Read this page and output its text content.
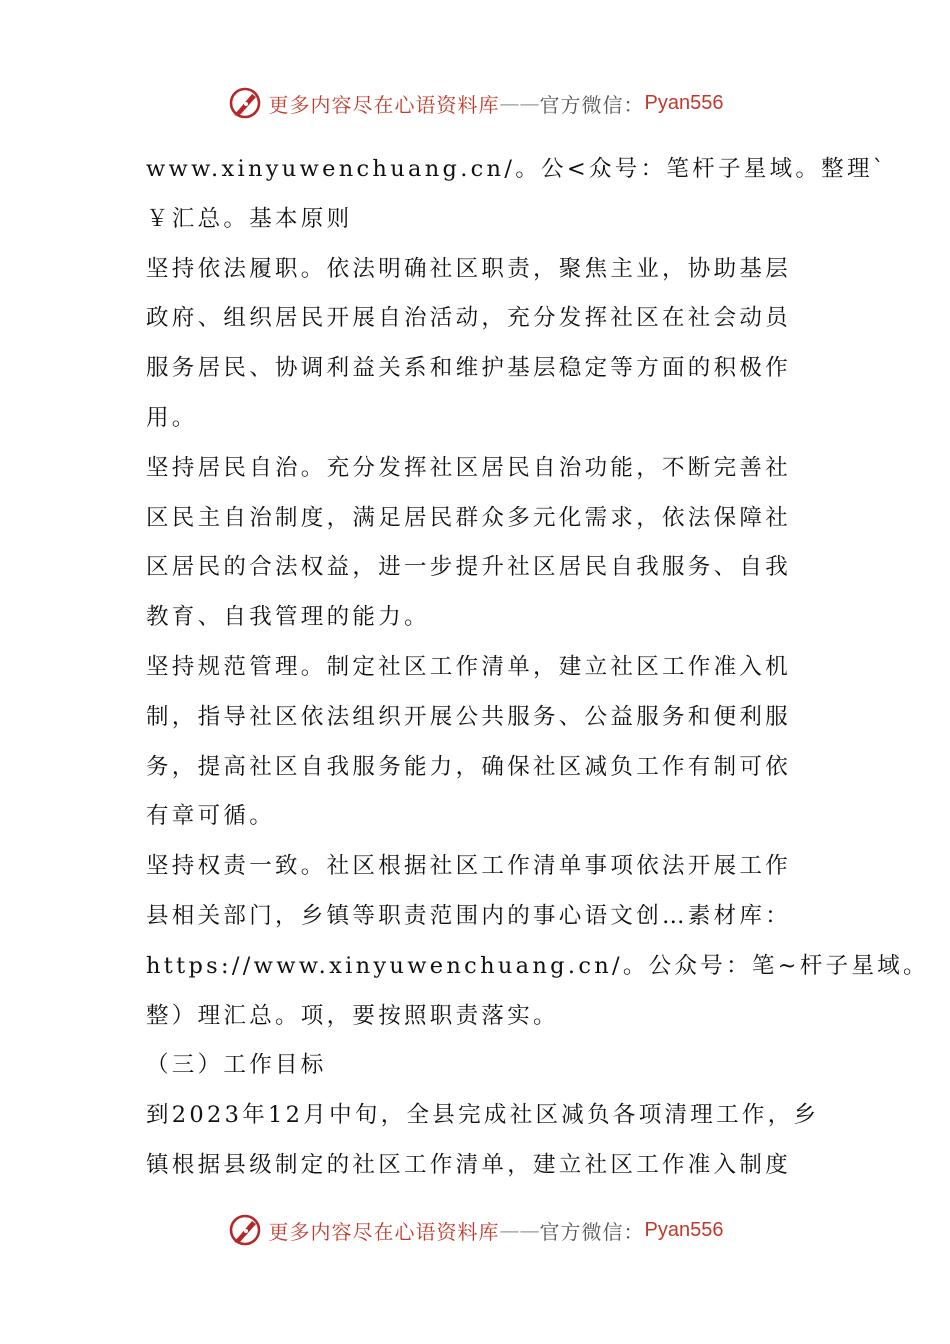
更多内容尽在心语资料库 —— 官方微信： Pyan556
www.xinyuwenchuang.cn/。公<众号：笔杆子星域。整理`
￥汇总。基本原则
坚持依法履职。依法明确社区职责，聚焦主业，协助基层
政府、组织居民开展自治活动，充分发挥社区在社会动员
服务居民、协调利益关系和维护基层稳定等方面的积极作
用。
坚持居民自治。充分发挥社区居民自治功能，不断完善社
区民主自治制度，满足居民群众多元化需求，依法保障社
区居民的合法权益，进一步提升社区居民自我服务、自我
教育、自我管理的能力。
坚持规范管理。制定社区工作清单，建立社区工作准入机
制，指导社区依法组织开展公共服务、公益服务和便利服
务，提高社区自我服务能力，确保社区减负工作有制可依
有章可循。
坚持权责一致。社区根据社区工作清单事项依法开展工作
县相关部门，乡镇等职责范围内的事心语文创…素材库：
https://www.xinyuwenchuang.cn/。公众号：笔~杆子星域。
整）理汇总。项，要按照职责落实。
（三）工作目标
到2023年12月中旬，全县完成社区减负各项清理工作，乡
镇根据县级制定的社区工作清单，建立社区工作准入制度
更多内容尽在心语资料库 —— 官方微信： Pyan556
